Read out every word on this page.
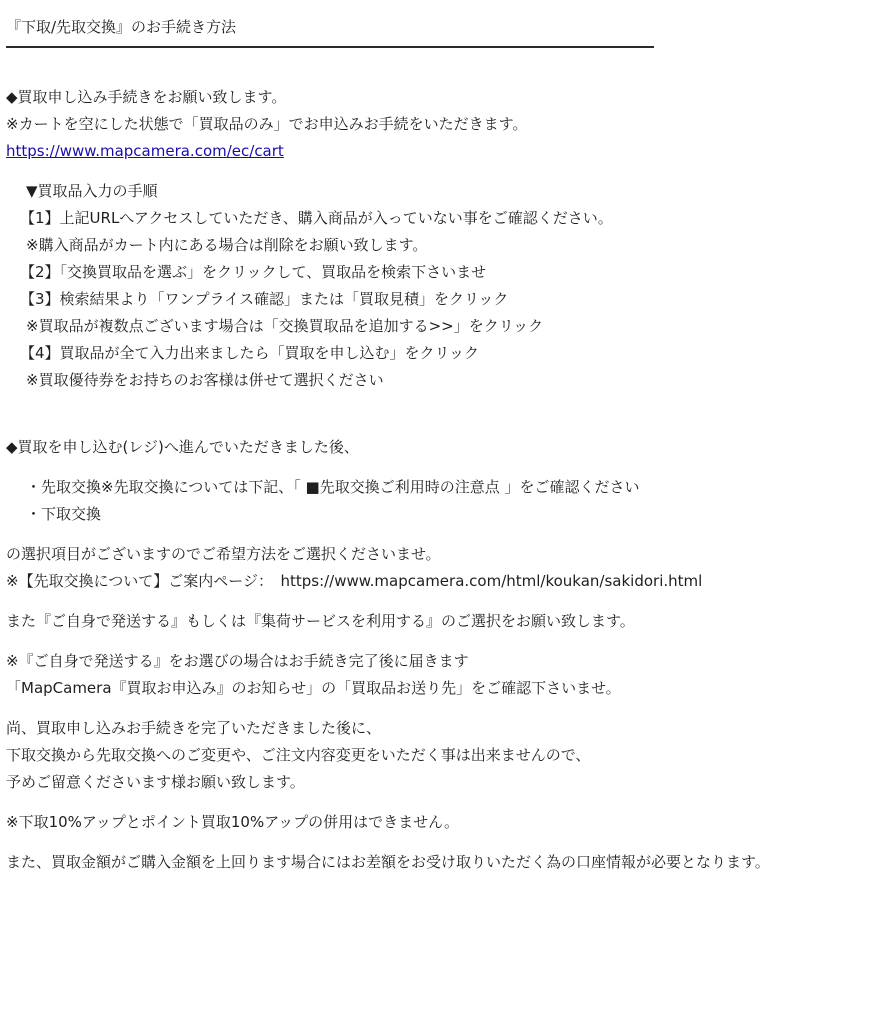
『下取/先取交換』のお手続き方法
◆買取申し込み手続きをお願い致します。
※カートを空にした状態で「買取品のみ」でお申込みお手続をいただきます。
https://www.mapcamera.com/ec/cart
▼買取品入力の手順
【1】上記URLへアクセスしていただき、購入商品が入っていない事をご確認ください。
※購入商品がカート内にある場合は削除をお願い致します。
【2】「交換買取品を選ぶ」をクリックして、買取品を検索下さいませ
【3】検索結果より「ワンプライス確認」または「買取見積」をクリック
※買取品が複数点ございます場合は「交換買取品を追加する>>」をクリック
【4】買取品が全て入力出来ましたら「買取を申し込む」をクリック
※買取優待券をお持ちのお客様は併せて選択ください
◆買取を申し込む(レジ)へ進んでいただきました後、
・先取交換※先取交換については下記、「 ■先取交換ご利用時の注意点 」をご確認ください
・下取交換
の選択項目がございますのでご希望方法をご選択くださいませ。
※【先取交換について】ご案内ページ：　https://www.mapcamera.com/html/koukan/sakidori.html
また『ご自身で発送する』もしくは『集荷サービスを利用する』のご選択をお願い致します。
※『ご自身で発送する』をお選びの場合はお手続き完了後に届きます
「MapCamera『買取お申込み』のお知らせ」の「買取品お送り先」をご確認下さいませ。
尚、買取申し込みお手続きを完了いただきました後に、
下取交換から先取交換へのご変更や、ご注文内容変更をいただく事は出来ませんので、
予めご留意くださいます様お願い致します。
※下取10%アップとポイント買取10%アップの併用はできません。
また、買取金額がご購入金額を上回ります場合にはお差額をお受け取りいただく為の口座情報が必要となります。
